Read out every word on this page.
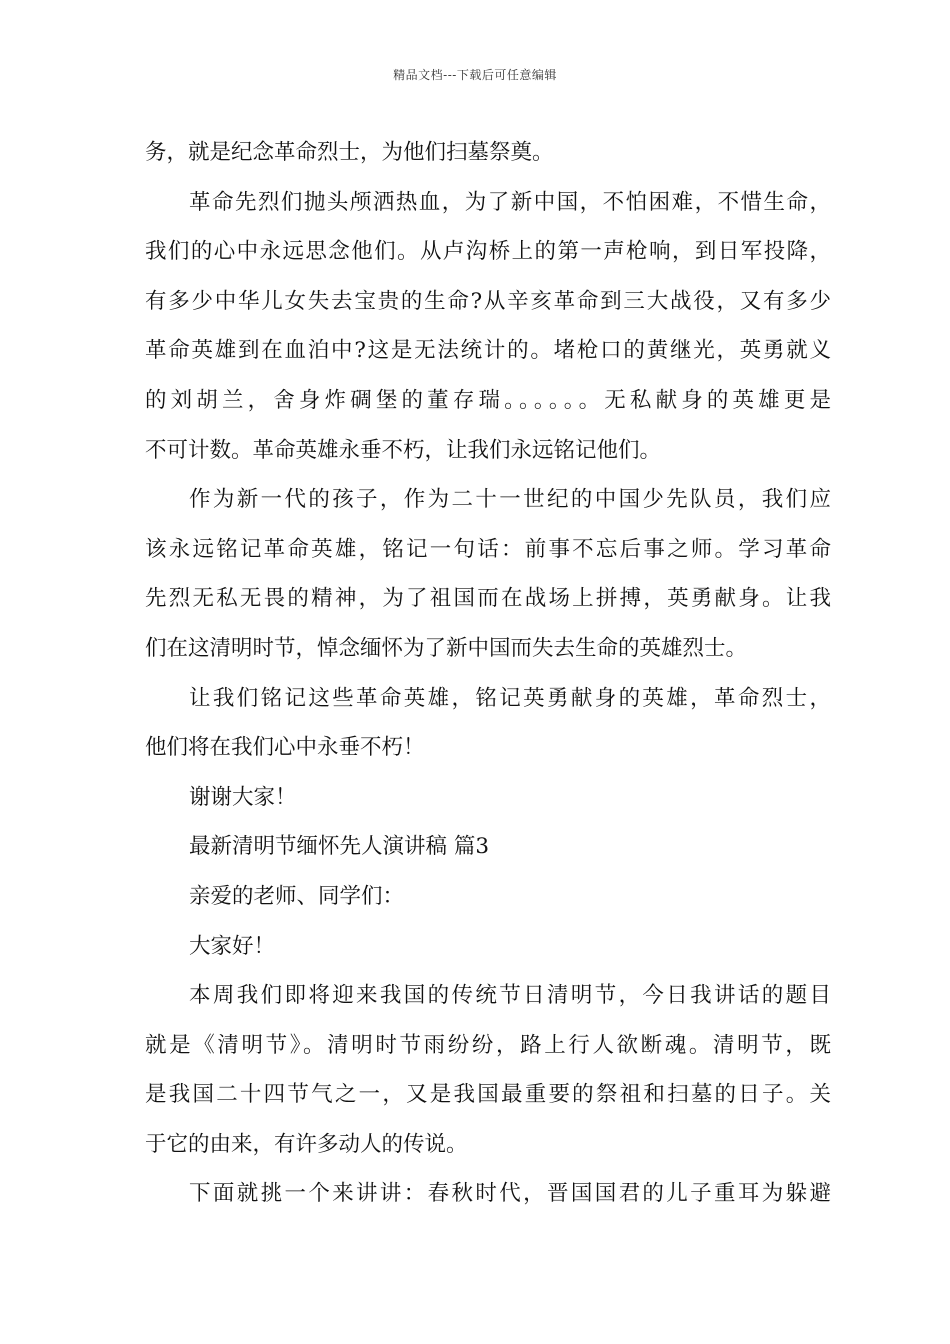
精品文档---下载后可任意编辑
务，就是纪念革命烈士，为他们扫墓祭奠。
革命先烈们抛头颅洒热血，为了新中国，不怕困难，不惜生命，
我们的心中永远思念他们。从卢沟桥上的第一声枪响，到日军投降，
有多少中华儿女失去宝贵的生命?从辛亥革命到三大战役，又有多少
革命英雄到在血泊中?这是无法统计的。堵枪口的黄继光，英勇就义
的刘胡兰，舍身炸碉堡的董存瑞。。。。。。无私献身的英雄更是
不可计数。革命英雄永垂不朽，让我们永远铭记他们。
作为新一代的孩子，作为二十一世纪的中国少先队员，我们应
该永远铭记革命英雄，铭记一句话：前事不忘后事之师。学习革命
先烈无私无畏的精神，为了祖国而在战场上拼搏，英勇献身。让我
们在这清明时节，悼念缅怀为了新中国而失去生命的英雄烈士。
让我们铭记这些革命英雄，铭记英勇献身的英雄，革命烈士，
他们将在我们心中永垂不朽！
谢谢大家！
最新清明节缅怀先人演讲稿 篇3
亲爱的老师、同学们：
大家好！
本周我们即将迎来我国的传统节日清明节，今日我讲话的题目
就是《清明节》。清明时节雨纷纷，路上行人欲断魂。清明节，既
是我国二十四节气之一，又是我国最重要的祭祖和扫墓的日子。关
于它的由来，有许多动人的传说。
下面就挑一个来讲讲：春秋时代，晋国国君的儿子重耳为躲避
